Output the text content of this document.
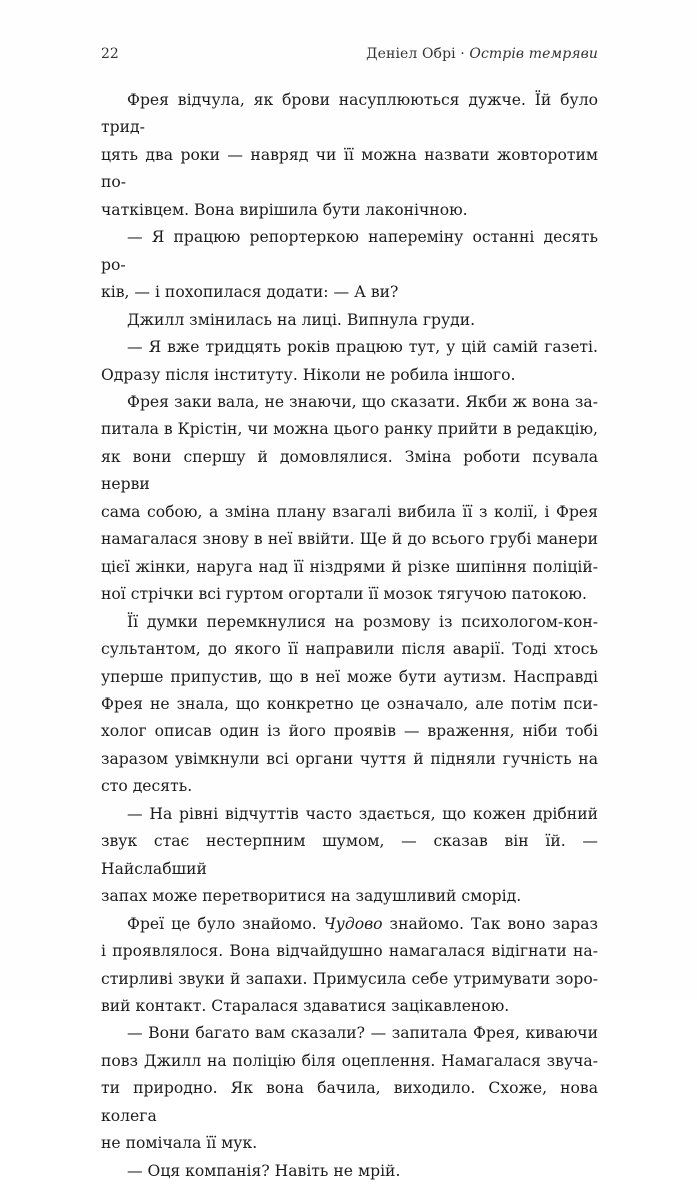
22	Деніел Обрі · Острів темряви
Фрея відчула, як брови насуплюються дужче. Їй було трид-
цять два роки — навряд чи її можна назвати жовторотим по-
чатківцем. Вона вирішила бути лаконічною.
— Я працюю репортеркою напереміну останні десять ро-
ків, — і похопилася додати: — А ви?
Джилл змінилась на лиці. Випнула груди.
— Я вже тридцять років працюю тут, у цій самій газеті.
Одразу після інституту. Ніколи не робила іншого.
Фрея заки вала, не знаючи, що сказати. Якби ж вона за-
питала в Крістін, чи можна цього ранку прийти в редакцію,
як вони спершу й домовлялися. Зміна роботи псувала нерви
сама собою, а зміна плану взагалі вибила її з колії, і Фрея
намагалася знову в неї ввійти. Ще й до всього грубі манери
цієї жінки, наруга над її ніздрями й різке шипіння поліцій-
ної стрічки всі гуртом огортали її мозок тягучою патокою.
Її думки перемкнулися на розмову із психологом-кон-
сультантом, до якого її направили після аварії. Тоді хтось
уперше припустив, що в неї може бути аутизм. Насправді
Фрея не знала, що конкретно це означало, але потім пси-
холог описав один із його проявів — враження, ніби тобі
заразом увімкнули всі органи чуття й підняли гучність на
сто десять.
— На рівні відчуттів часто здається, що кожен дрібний
звук стає нестерпним шумом, — сказав він їй. — Найслабший
запах може перетворитися на задушливий сморід.
Фреї це було знайомо. Чудово знайомо. Так воно зараз
і проявлялося. Вона відчайдушно намагалася відігнати на-
стирливі звуки й запахи. Примусила себе утримувати зоро-
вий контакт. Старалася здаватися зацікавленою.
— Вони багато вам сказали? — запитала Фрея, киваючи
повз Джилл на поліцію біля оцеплення. Намагалася звуча-
ти природно. Як вона бачила, виходило. Схоже, нова колега
не помічала її мук.
— Оця компанія? Навіть не мрій.
